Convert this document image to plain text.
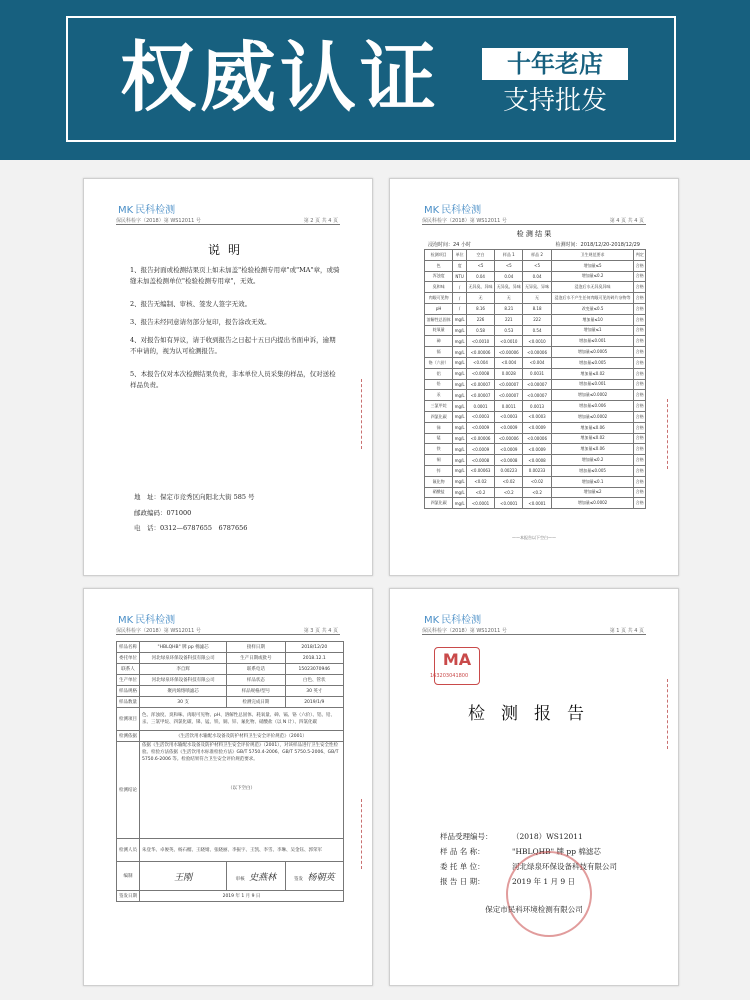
权威认证	十年老店
支持批发
MK 民科检测
保民科检字（2018）第 WS12011 号	第 2 页 共 4 页
说明
1、报告封面或检测结果页上如未加盖"检验检测专用章"或"MA"章，或骑缝未加盖检测单位"检验检测专用章"，无效。
2、报告无编制、审核、签发人签字无效。
3、报告未经同意请勿部分复印，报告涂改无效。
4、对报告如有异议，请于收到报告之日起十五日内提出书面申诉，逾期不申请的，视为认可检测报告。
5、本报告仅对本次检测结果负责，非本单位人员采集的样品，仅对送检样品负责。
地　址：保定市竞秀区向阳北大街 585 号
邮政编码：071000
电　话：0312—6787655　6787656
MK 民科检测
保民科检字（2018）第 WS12011 号	第 4 页 共 4 页
检 测 结 果
浸泡时间：24 小时	检测时间：2018/12/20-2018/12/29
检测项目	单位	空白	样品 1	样品 2	卫生规范要求	判定
色	度	<5	<5	<5	增加量≤5	合格
浑浊度	NTU	0.04	0.04	0.04	增加量≤0.2	合格
臭和味	/	无异臭、异味	无异臭、异味	无异臭、异味	浸泡后水无异臭异味	合格
肉眼可见物	/	无	无	无	浸泡后水不产生任何肉眼可见的碎片杂物等	合格
pH	/	8.16	8.21	8.18	改变量≤0.5	合格
溶解性总固体	mg/L	226	221	222	增加量≤10	合格
耗氧量	mg/L	0.58	0.53	0.54	增加量≤1	合格
砷	mg/L	<0.0010	<0.0010	<0.0010	增加量≤0.001	合格
镉	mg/L	<0.00006	<0.00006	<0.00006	增加量≤0.0005	合格
铬（六价）	mg/L	<0.004	<0.004	<0.004	增加量≤0.005	合格
铝	mg/L	<0.0008	0.0028	0.0031	增加量≤0.02	合格
铅	mg/L	<0.00007	<0.00007	<0.00007	增加量≤0.001	合格
汞	mg/L	<0.00007	<0.00007	<0.00007	增加量≤0.0002	合格
三氯甲烷	mg/L	0.0001	0.0011	0.0013	增加量≤0.006	合格
四氯化碳	mg/L	<0.0003	<0.0003	<0.0003	增加量≤0.0002	合格
锑	mg/L	<0.0009	<0.0009	<0.0009	增加量≤0.06	合格
锰	mg/L	<0.00006	<0.00006	<0.00006	增加量≤0.02	合格
铁	mg/L	<0.0009	<0.0009	<0.0009	增加量≤0.06	合格
铜	mg/L	<0.0008	<0.0008	<0.0008	增加量≤0.2	合格
锌	mg/L	<0.00063	0.00223	0.00233	增加量≤0.005	合格
氟化物	mg/L	<0.02	<0.02	<0.02	增加量≤0.1	合格
硝酸盐	mg/L	<0.2	<0.2	<0.2	增加量≤2	合格
四氯化碳	mg/L	<0.0001	<0.0001	<0.0001	增加量≤0.0002	合格
——本报告以下空白——
MK 民科检测
保民科检字（2018）第 WS12011 号	第 3 页 共 4 页
样品名称	"HBLQHB" 牌 pp 棉滤芯	接样日期	2018/12/20
委托单位	河北绿泉环保设备科技有限公司	生产日期或批号	2018.12.1
联系人	李自辉	联系电话	15023070946
生产单位	河北绿泉环保设备科技有限公司	样品状态	白色、管状
样品规格	聚丙烯熔喷滤芯	样品规格/型号	30 英寸
样品数量	30 支	检测完成日期	2019/1/9
检测项目	色、浑浊度、臭和味、肉眼可见物、pH、溶解性总固体、耗氧量、砷、镉、铬（六价）、铝、铅、汞、三氯甲烷、四氯化碳、锑、锰、铁、铜、锌、氟化物、硝酸盐（以 N 计）、四氯化碳		
检测依据	《生活饮用水输配水设备及防护材料卫生安全评价规范》（2001）		
检测结论	依据《生活饮用水输配水设备及防护材料卫生安全评价规范》（2001），对该样品进行卫生安全性检验。检验方法依据《生活饮用水标准检验方法》GB/T 5750.4-2006、GB/T 5750.5-2006、GB/T 5750.6-2006 等。检验结果符合卫生安全评价规范要求。
（以下空白）		

检测人员	朱登华、卓俊英、杨石榴、王晓婧、张晓丽、李振宇、王凯、李雪、李琳、吴金钰、郭荣军		
编制	王刚	审核　 史燕林	签发　 杨朝英
签发日期	2019 年 1 月 9 日		
MK 民科检测
保民科检字（2018）第 WS12011 号	第 1 页 共 4 页
MA
163203041800
检测报告
样品受理编号：	（2018）WS12011
样 品 名 称：	"HBLQHB" 牌 pp 棉滤芯
委 托 单 位：	河北绿泉环保设备科技有限公司
报 告 日 期：	2019 年 1 月 9 日
保定市民科环境检测有限公司
